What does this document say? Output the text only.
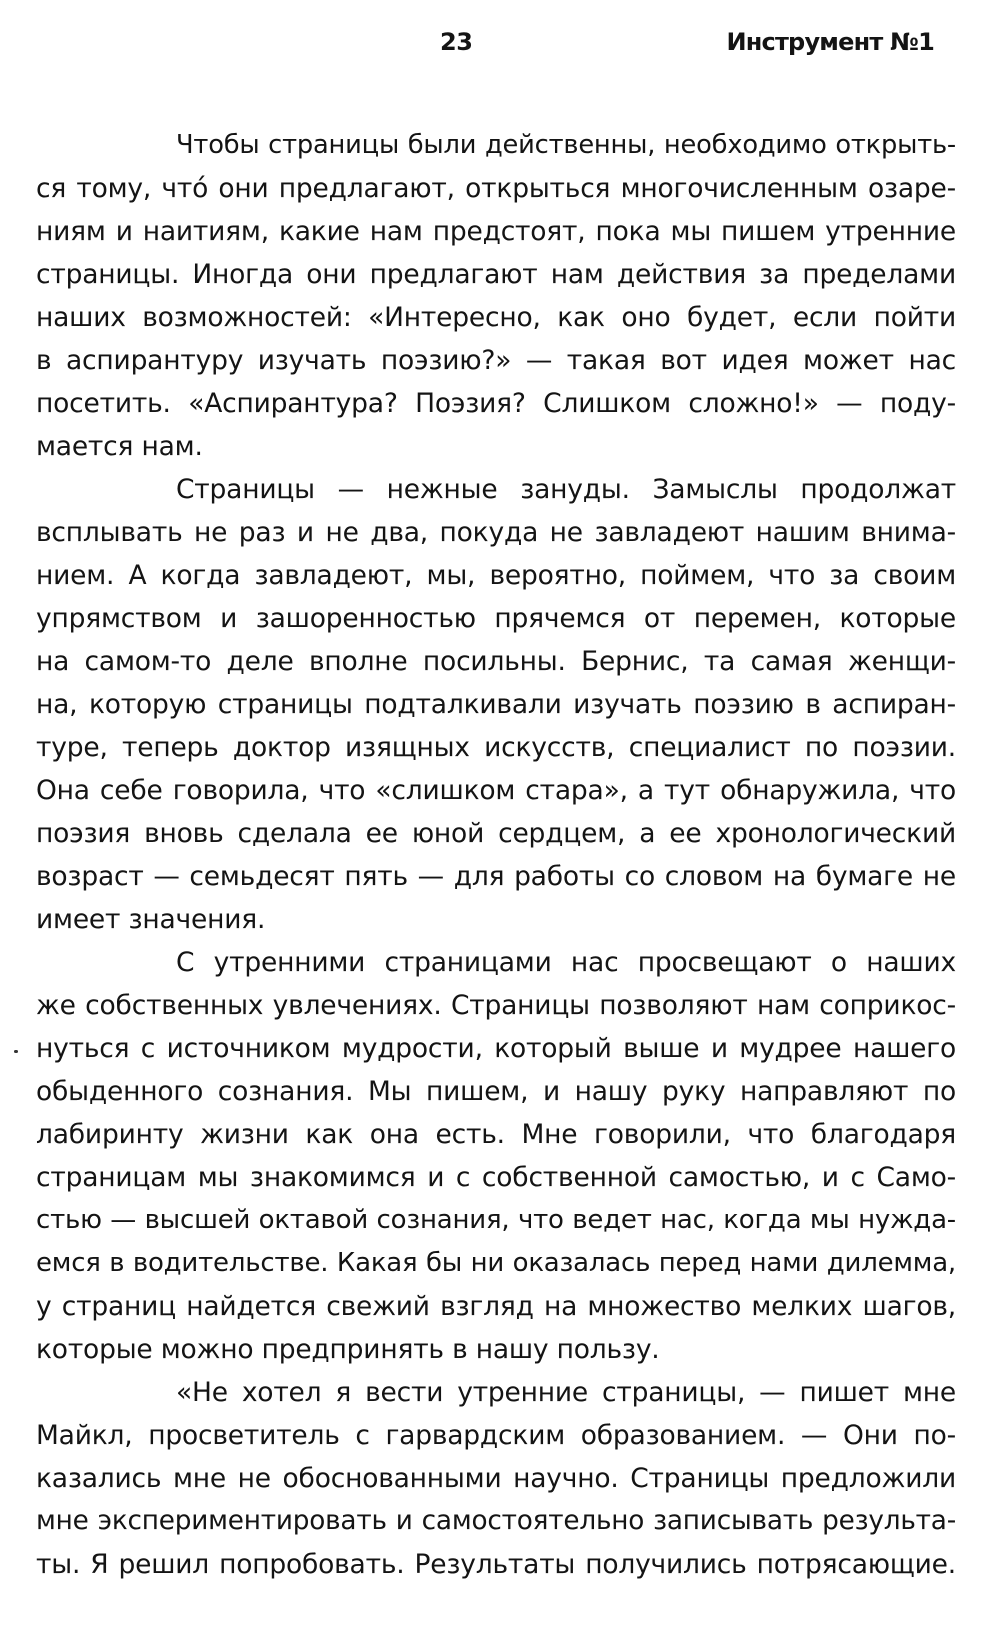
23	Инструмент №1
Чтобы страницы были действенны, необходимо открыть-
ся тому, что́ они предлагают, открыться многочисленным озаре-
ниям и наитиям, какие нам предстоят, пока мы пишем утренние
страницы. Иногда они предлагают нам действия за пределами
наших возможностей: «Интересно, как оно будет, если пойти
в аспирантуру изучать поэзию?» — такая вот идея может нас
посетить. «Аспирантура? Поэзия? Слишком сложно!» — поду-
мается нам.
Страницы — нежные зануды. Замыслы продолжат
всплывать не раз и не два, покуда не завладеют нашим внима-
нием. А когда завладеют, мы, вероятно, поймем, что за своим
упрямством и зашоренностью прячемся от перемен, которые
на самом-то деле вполне посильны. Бернис, та самая женщи-
на, которую страницы подталкивали изучать поэзию в аспиран-
туре, теперь доктор изящных искусств, специалист по поэзии.
Она себе говорила, что «слишком стара», а тут обнаружила, что
поэзия вновь сделала ее юной сердцем, а ее хронологический
возраст — семьдесят пять — для работы со словом на бумаге не
имеет значения.
С утренними страницами нас просвещают о наших
же собственных увлечениях. Страницы позволяют нам соприкос-
нуться с источником мудрости, который выше и мудрее нашего
обыденного сознания. Мы пишем, и нашу руку направляют по
лабиринту жизни как она есть. Мне говорили, что благодаря
страницам мы знакомимся и с собственной самостью, и с Само-
стью — высшей октавой сознания, что ведет нас, когда мы нужда-
емся в водительстве. Какая бы ни оказалась перед нами дилемма,
у страниц найдется свежий взгляд на множество мелких шагов,
которые можно предпринять в нашу пользу.
«Не хотел я вести утренние страницы, — пишет мне
Майкл, просветитель с гарвардским образованием. — Они по-
казались мне не обоснованными научно. Страницы предложили
мне экспериментировать и самостоятельно записывать результа-
ты. Я решил попробовать. Результаты получились потрясающие.
